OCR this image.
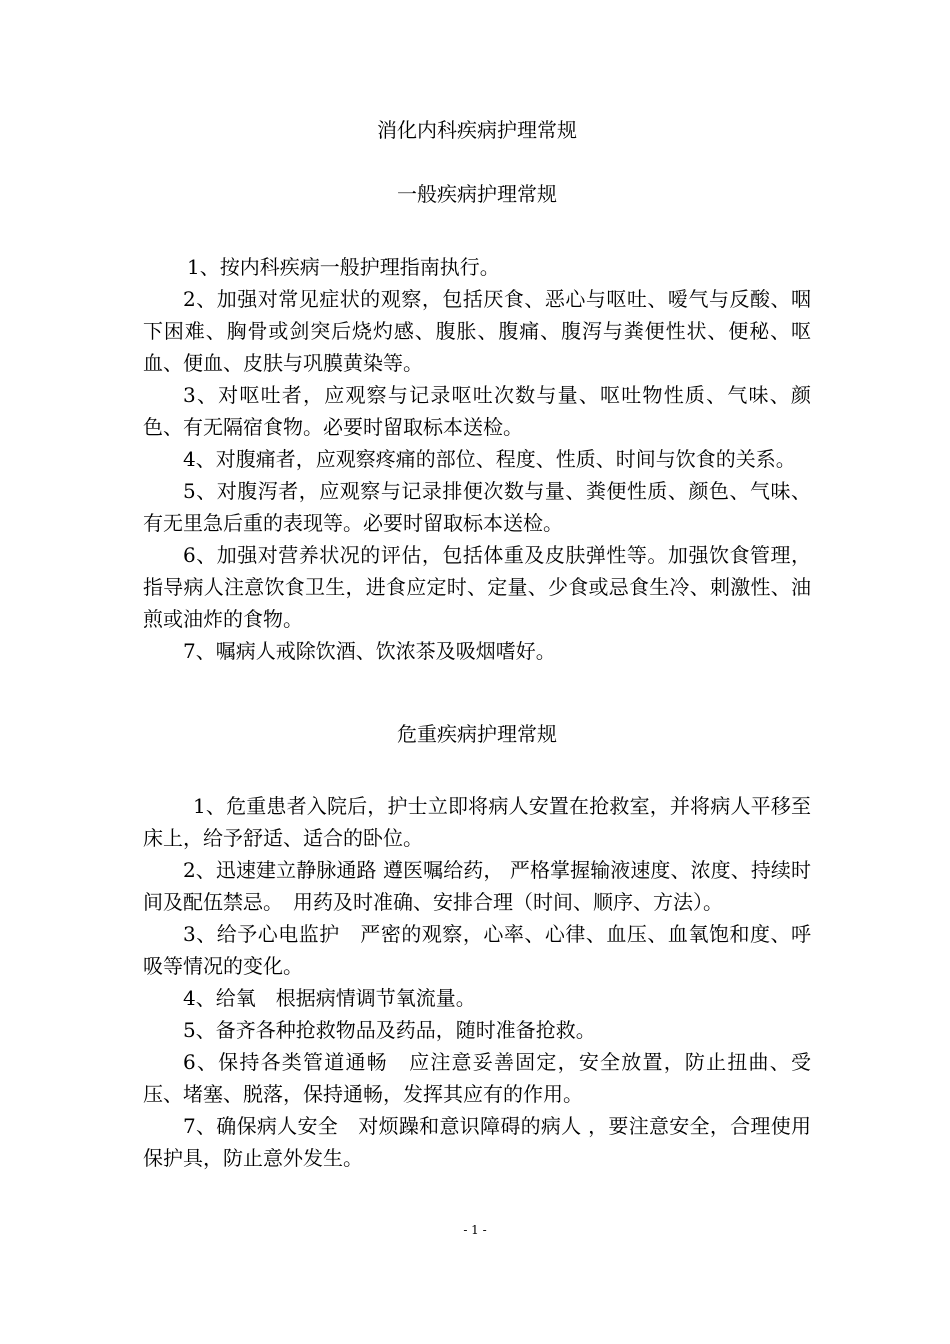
消化内科疾病护理常规
一般疾病护理常规

1、按内科疾病一般护理指南执行。

2、加强对常见症状的观察，包括厌食、恶心与呕吐、嗳气与反酸、咽下困难、胸骨或剑突后烧灼感、腹胀、腹痛、腹泻与粪便性状、便秘、呕血、便血、皮肤与巩膜黄染等。

3、对呕吐者，应观察与记录呕吐次数与量、呕吐物性质、气味、颜色、有无隔宿食物。必要时留取标本送检。

4、对腹痛者，应观察疼痛的部位、程度、性质、时间与饮食的关系。

5、对腹泻者，应观察与记录排便次数与量、粪便性质、颜色、气味、有无里急后重的表现等。必要时留取标本送检。

6、加强对营养状况的评估，包括体重及皮肤弹性等。加强饮食管理，指导病人注意饮食卫生，进食应定时、定量、少食或忌食生冷、刺激性、油煎或油炸的食物。

7、嘱病人戒除饮酒、饮浓茶及吸烟嗜好。

危重疾病护理常规

1、危重患者入院后，护士立即将病人安置在抢救室，并将病人平移至床上，给予舒适、适合的卧位。

2、迅速建立静脉通路 遵医嘱给药， 严格掌握输液速度、浓度、持续时间及配伍禁忌。　用药及时准确、安排合理（时间、顺序、方法）。

3、给予心电监护　严密的观察，心率、心律、血压、血氧饱和度、呼吸等情况的变化。

4、给氧　根据病情调节氧流量。

5、备齐各种抢救物品及药品，随时准备抢救。

6、保持各类管道通畅　应注意妥善固定，安全放置，防止扭曲、受压、堵塞、脱落，保持通畅，发挥其应有的作用。

7、确保病人安全　对烦躁和意识障碍的病人 ，要注意安全，合理使用保护具，防止意外发生。

- 1 -
